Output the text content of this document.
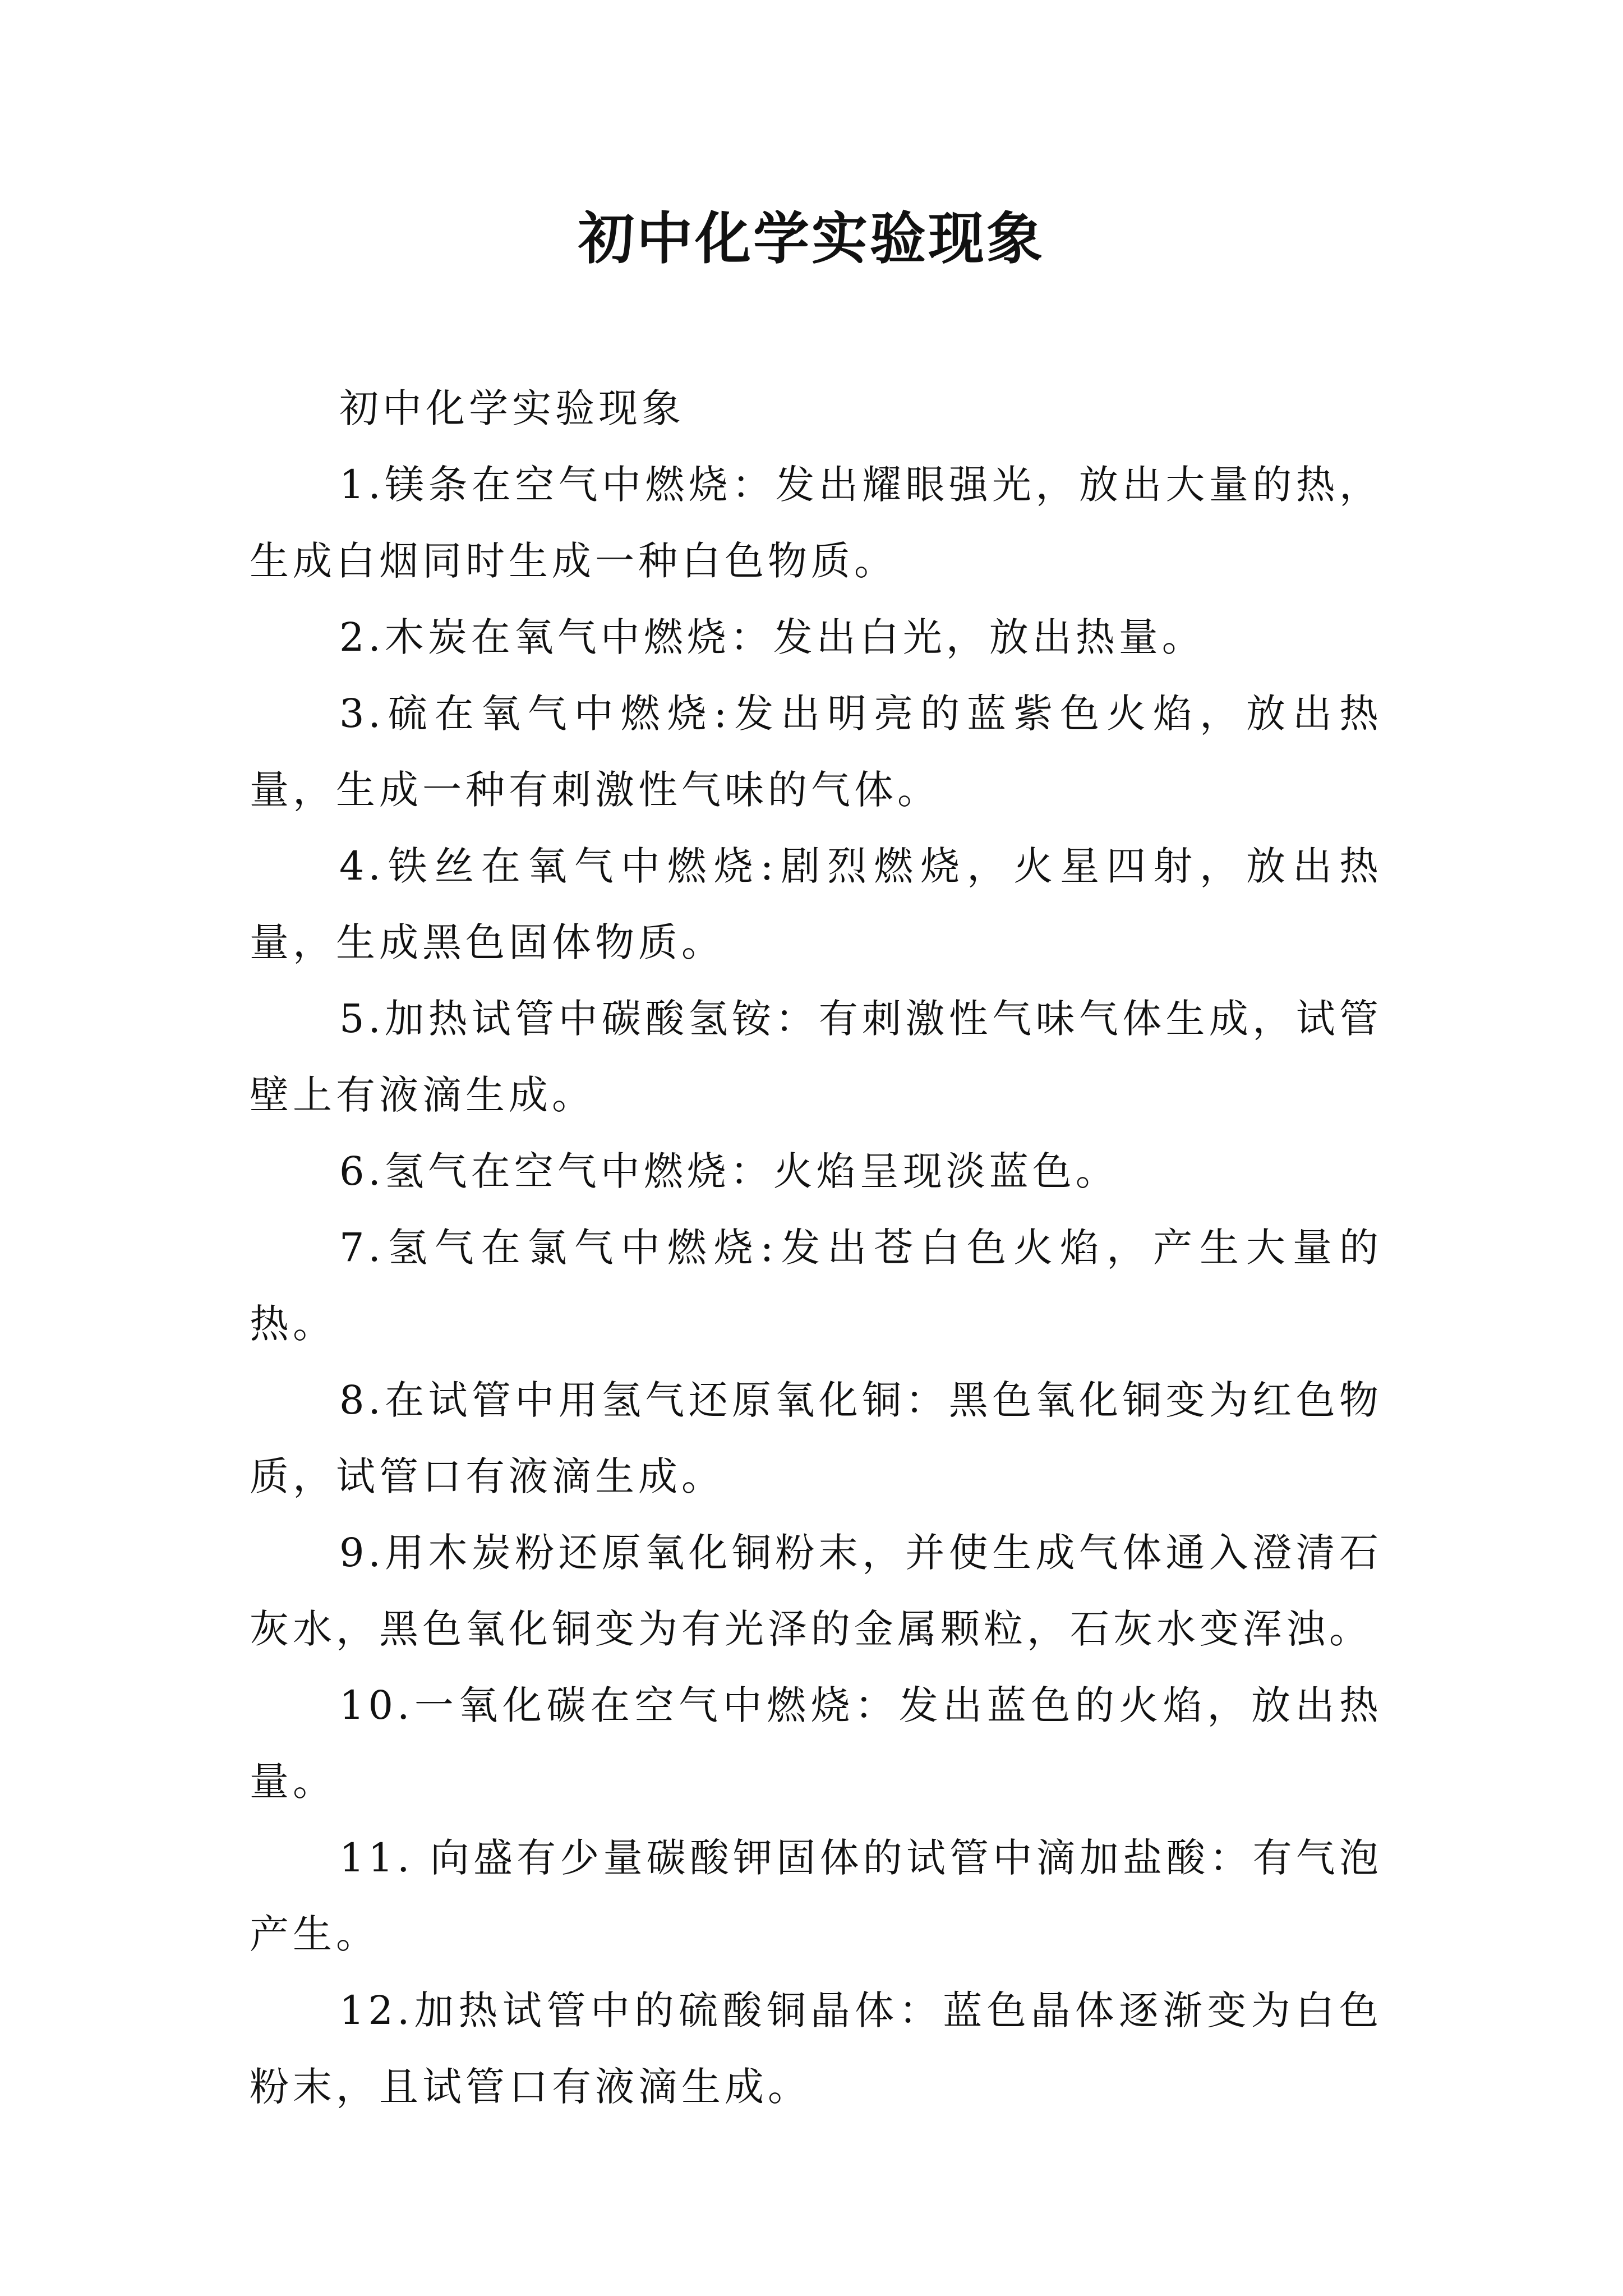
初中化学实验现象

初中化学实验现象

1.镁条在空气中燃烧：发出耀眼强光，放出大量的热，生成白烟同时生成一种白色物质。

2.木炭在氧气中燃烧：发出白光，放出热量。

3.硫在氧气中燃烧:发出明亮的蓝紫色火焰，放出热量，生成一种有刺激性气味的气体。

4.铁丝在氧气中燃烧:剧烈燃烧，火星四射，放出热量，生成黑色固体物质。

5.加热试管中碳酸氢铵：有刺激性气味气体生成，试管壁上有液滴生成。

6.氢气在空气中燃烧：火焰呈现淡蓝色。

7.氢气在氯气中燃烧:发出苍白色火焰，产生大量的热。

8.在试管中用氢气还原氧化铜：黑色氧化铜变为红色物质，试管口有液滴生成。

9.用木炭粉还原氧化铜粉末，并使生成气体通入澄清石灰水，黑色氧化铜变为有光泽的金属颗粒，石灰水变浑浊。

10.一氧化碳在空气中燃烧：发出蓝色的火焰，放出热量。

11. 向盛有少量碳酸钾固体的试管中滴加盐酸：有气泡产生。

12.加热试管中的硫酸铜晶体：蓝色晶体逐渐变为白色粉末，且试管口有液滴生成。
